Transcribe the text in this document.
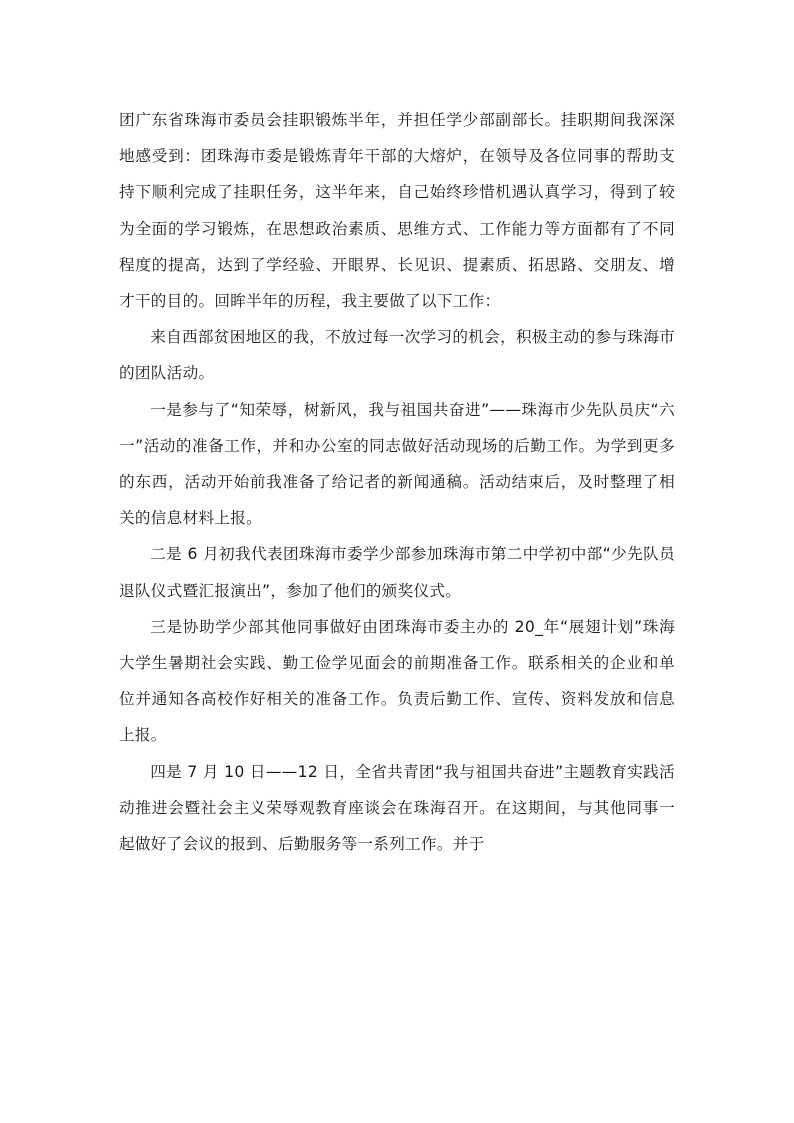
团广东省珠海市委员会挂职锻炼半年，并担任学少部副部长。挂职期间我深深地感受到：团珠海市委是锻炼青年干部的大熔炉，在领导及各位同事的帮助支持下顺利完成了挂职任务，这半年来，自己始终珍惜机遇认真学习，得到了较为全面的学习锻炼，在思想政治素质、思维方式、工作能力等方面都有了不同程度的提高，达到了学经验、开眼界、长见识、提素质、拓思路、交朋友、增才干的目的。回眸半年的历程，我主要做了以下工作：

来自西部贫困地区的我，不放过每一次学习的机会，积极主动的参与珠海市的团队活动。

一是参与了“知荣辱，树新风，我与祖国共奋进”——珠海市少先队员庆“六一”活动的准备工作，并和办公室的同志做好活动现场的后勤工作。为学到更多的东西，活动开始前我准备了给记者的新闻通稿。活动结束后，及时整理了相关的信息材料上报。

二是 6 月初我代表团珠海市委学少部参加珠海市第二中学初中部“少先队员退队仪式暨汇报演出”，参加了他们的颁奖仪式。

三是协助学少部其他同事做好由团珠海市委主办的 20_年“展翅计划”珠海大学生暑期社会实践、勤工俭学见面会的前期准备工作。联系相关的企业和单位并通知各高校作好相关的准备工作。负责后勤工作、宣传、资料发放和信息上报。

四是 7 月 10 日——12 日，全省共青团“我与祖国共奋进”主题教育实践活动推进会暨社会主义荣辱观教育座谈会在珠海召开。在这期间，与其他同事一起做好了会议的报到、后勤服务等一系列工作。并于
